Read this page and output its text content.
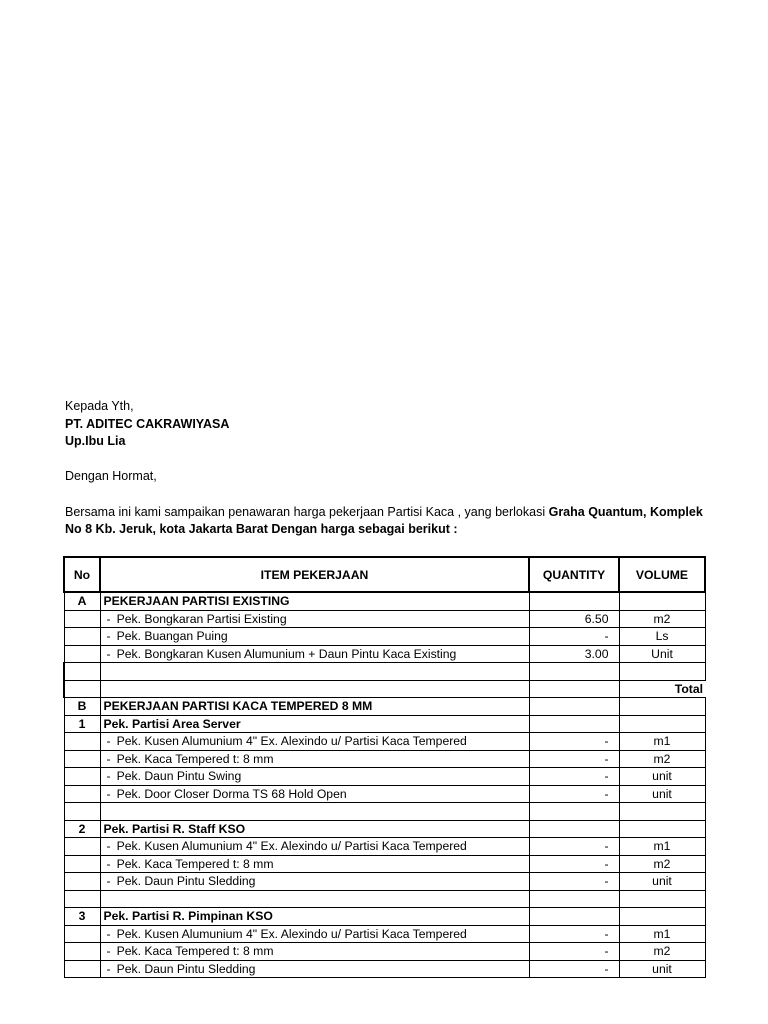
Kepada Yth,
PT. ADITEC CAKRAWIYASA
Up.Ibu Lia
Dengan Hormat,
Bersama ini kami sampaikan penawaran harga pekerjaan Partisi Kaca , yang berlokasi Graha Quantum, Komplek
No 8 Kb. Jeruk, kota Jakarta Barat Dengan harga sebagai berikut :
No	ITEM PEKERJAAN	QUANTITY	VOLUME	
A	PEKERJAAN PARTISI EXISTING			
	- Pek. Bongkaran Partisi Existing	6.50	m2	
	- Pek. Buangan Puing	-	Ls	
	- Pek. Bongkaran Kusen Alumunium + Daun Pintu Kaca Existing	3.00	Unit	

			Total	
B	PEKERJAAN PARTISI KACA TEMPERED 8 MM			
1	Pek. Partisi Area Server			
	- Pek. Kusen Alumunium 4" Ex. Alexindo u/ Partisi Kaca Tempered	-	m1	
	- Pek. Kaca Tempered t: 8 mm	-	m2	
	- Pek. Daun Pintu Swing	-	unit	
	- Pek. Door Closer Dorma TS 68 Hold Open	-	unit	

2	Pek. Partisi R. Staff KSO			
	- Pek. Kusen Alumunium 4" Ex. Alexindo u/ Partisi Kaca Tempered	-	m1	
	- Pek. Kaca Tempered t: 8 mm	-	m2	
	- Pek. Daun Pintu Sledding	-	unit	

3	Pek. Partisi R. Pimpinan KSO			
	- Pek. Kusen Alumunium 4" Ex. Alexindo u/ Partisi Kaca Tempered	-	m1	
	- Pek. Kaca Tempered t: 8 mm	-	m2	
	- Pek. Daun Pintu Sledding	-	unit	
